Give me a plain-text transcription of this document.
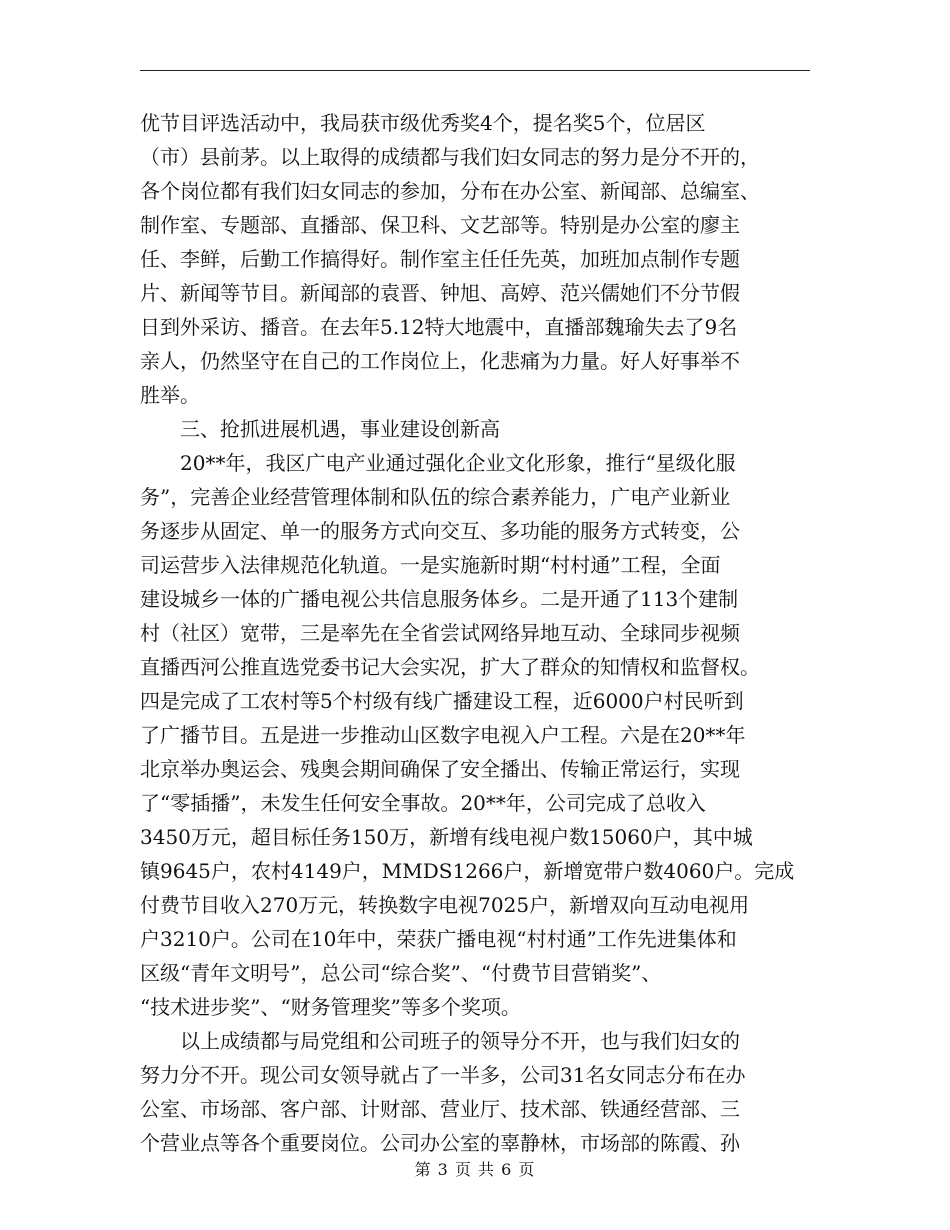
优节目评选活动中，我局获市级优秀奖4个，提名奖5个，位居区
（市）县前茅。以上取得的成绩都与我们妇女同志的努力是分不开的，
各个岗位都有我们妇女同志的参加，分布在办公室、新闻部、总编室、
制作室、专题部、直播部、保卫科、文艺部等。特别是办公室的廖主
任、李鲜，后勤工作搞得好。制作室主任任先英，加班加点制作专题
片、新闻等节目。新闻部的袁晋、钟旭、高婷、范兴儒她们不分节假
日到外采访、播音。在去年5.12特大地震中，直播部魏瑜失去了9名
亲人，仍然坚守在自己的工作岗位上，化悲痛为力量。好人好事举不
胜举。
　　三、抢抓进展机遇，事业建设创新高
　　20**年，我区广电产业通过强化企业文化形象，推行“星级化服
务”，完善企业经营管理体制和队伍的综合素养能力，广电产业新业
务逐步从固定、单一的服务方式向交互、多功能的服务方式转变，公
司运营步入法律规范化轨道。一是实施新时期“村村通”工程，全面
建设城乡一体的广播电视公共信息服务体乡。二是开通了113个建制
村（社区）宽带，三是率先在全省尝试网络异地互动、全球同步视频
直播西河公推直选党委书记大会实况，扩大了群众的知情权和监督权。
四是完成了工农村等5个村级有线广播建设工程，近6000户村民听到
了广播节目。五是进一步推动山区数字电视入户工程。六是在20**年
北京举办奥运会、残奥会期间确保了安全播出、传输正常运行，实现
了“零插播”，未发生任何安全事故。20**年，公司完成了总收入
3450万元，超目标任务150万，新增有线电视户数15060户，其中城
镇9645户，农村4149户，MMDS1266户，新增宽带户数4060户。完成
付费节目收入270万元，转换数字电视7025户，新增双向互动电视用
户3210户。公司在10年中，荣获广播电视“村村通”工作先进集体和
区级“青年文明号”，总公司“综合奖”、“付费节目营销奖”、
“技术进步奖”、“财务管理奖”等多个奖项。
　　以上成绩都与局党组和公司班子的领导分不开，也与我们妇女的
努力分不开。现公司女领导就占了一半多，公司31名女同志分布在办
公室、市场部、客户部、计财部、营业厅、技术部、铁通经营部、三
个营业点等各个重要岗位。公司办公室的辜静林，市场部的陈霞、孙
第 3 页 共 6 页
